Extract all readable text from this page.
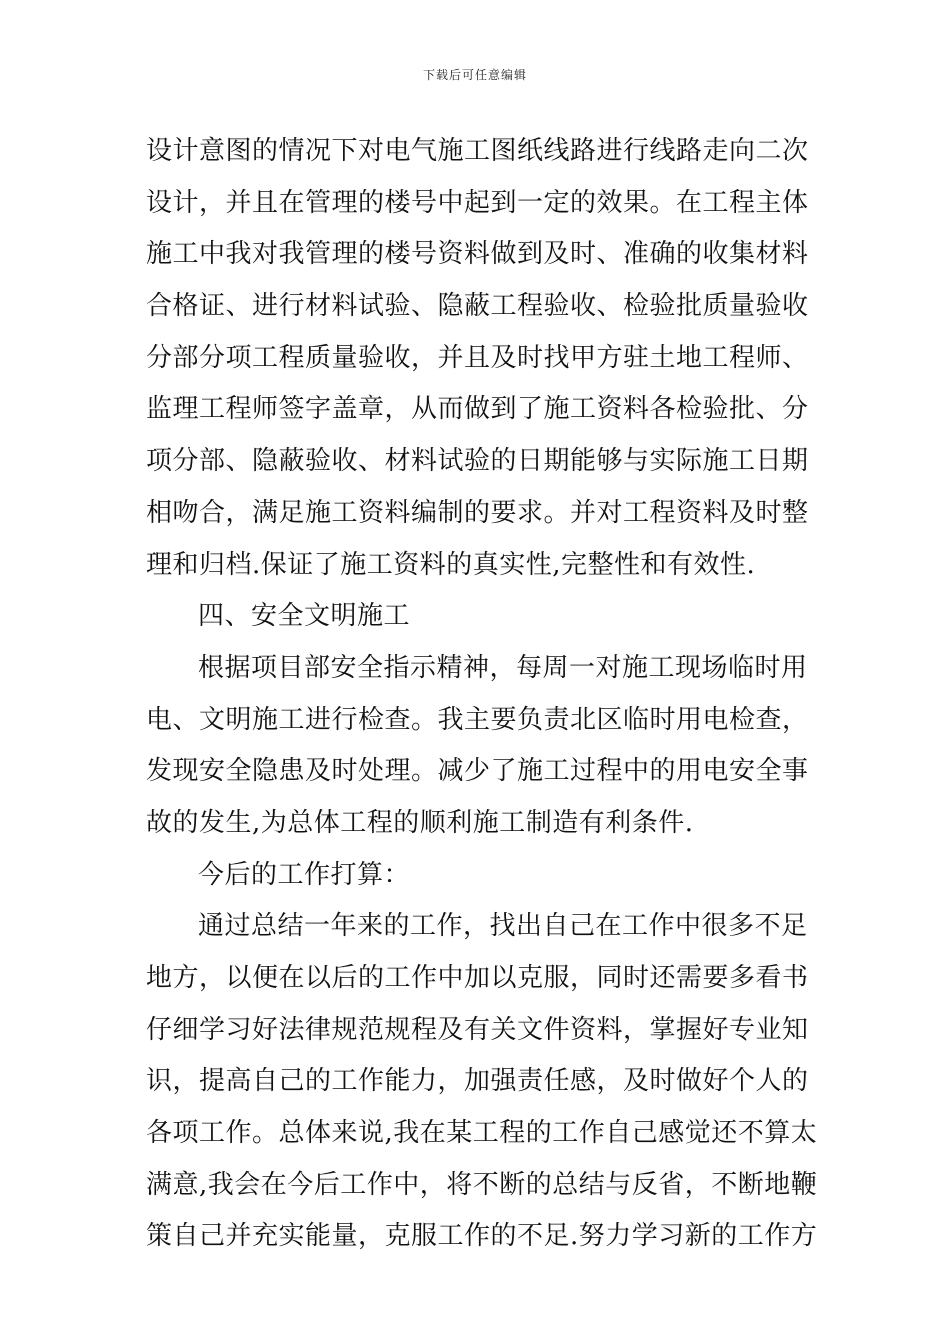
下载后可任意编辑
设计意图的情况下对电气施工图纸线路进行线路走向二次
设计，并且在管理的楼号中起到一定的效果。在工程主体
施工中我对我管理的楼号资料做到及时、准确的收集材料
合格证、进行材料试验、隐蔽工程验收、检验批质量验收
分部分项工程质量验收，并且及时找甲方驻土地工程师、
监理工程师签字盖章，从而做到了施工资料各检验批、分
项分部、隐蔽验收、材料试验的日期能够与实际施工日期
相吻合，满足施工资料编制的要求。并对工程资料及时整
理和归档.保证了施工资料的真实性,完整性和有效性.
四、安全文明施工
根据项目部安全指示精神，每周一对施工现场临时用
电、文明施工进行检查。我主要负责北区临时用电检查，
发现安全隐患及时处理。减少了施工过程中的用电安全事
故的发生,为总体工程的顺利施工制造有利条件.
今后的工作打算：
通过总结一年来的工作，找出自己在工作中很多不足
地方，以便在以后的工作中加以克服，同时还需要多看书
仔细学习好法律规范规程及有关文件资料，掌握好专业知
识，提高自己的工作能力，加强责任感，及时做好个人的
各项工作。总体来说,我在某工程的工作自己感觉还不算太
满意,我会在今后工作中，将不断的总结与反省，不断地鞭
策自己并充实能量，克服工作的不足.努力学习新的工作方
